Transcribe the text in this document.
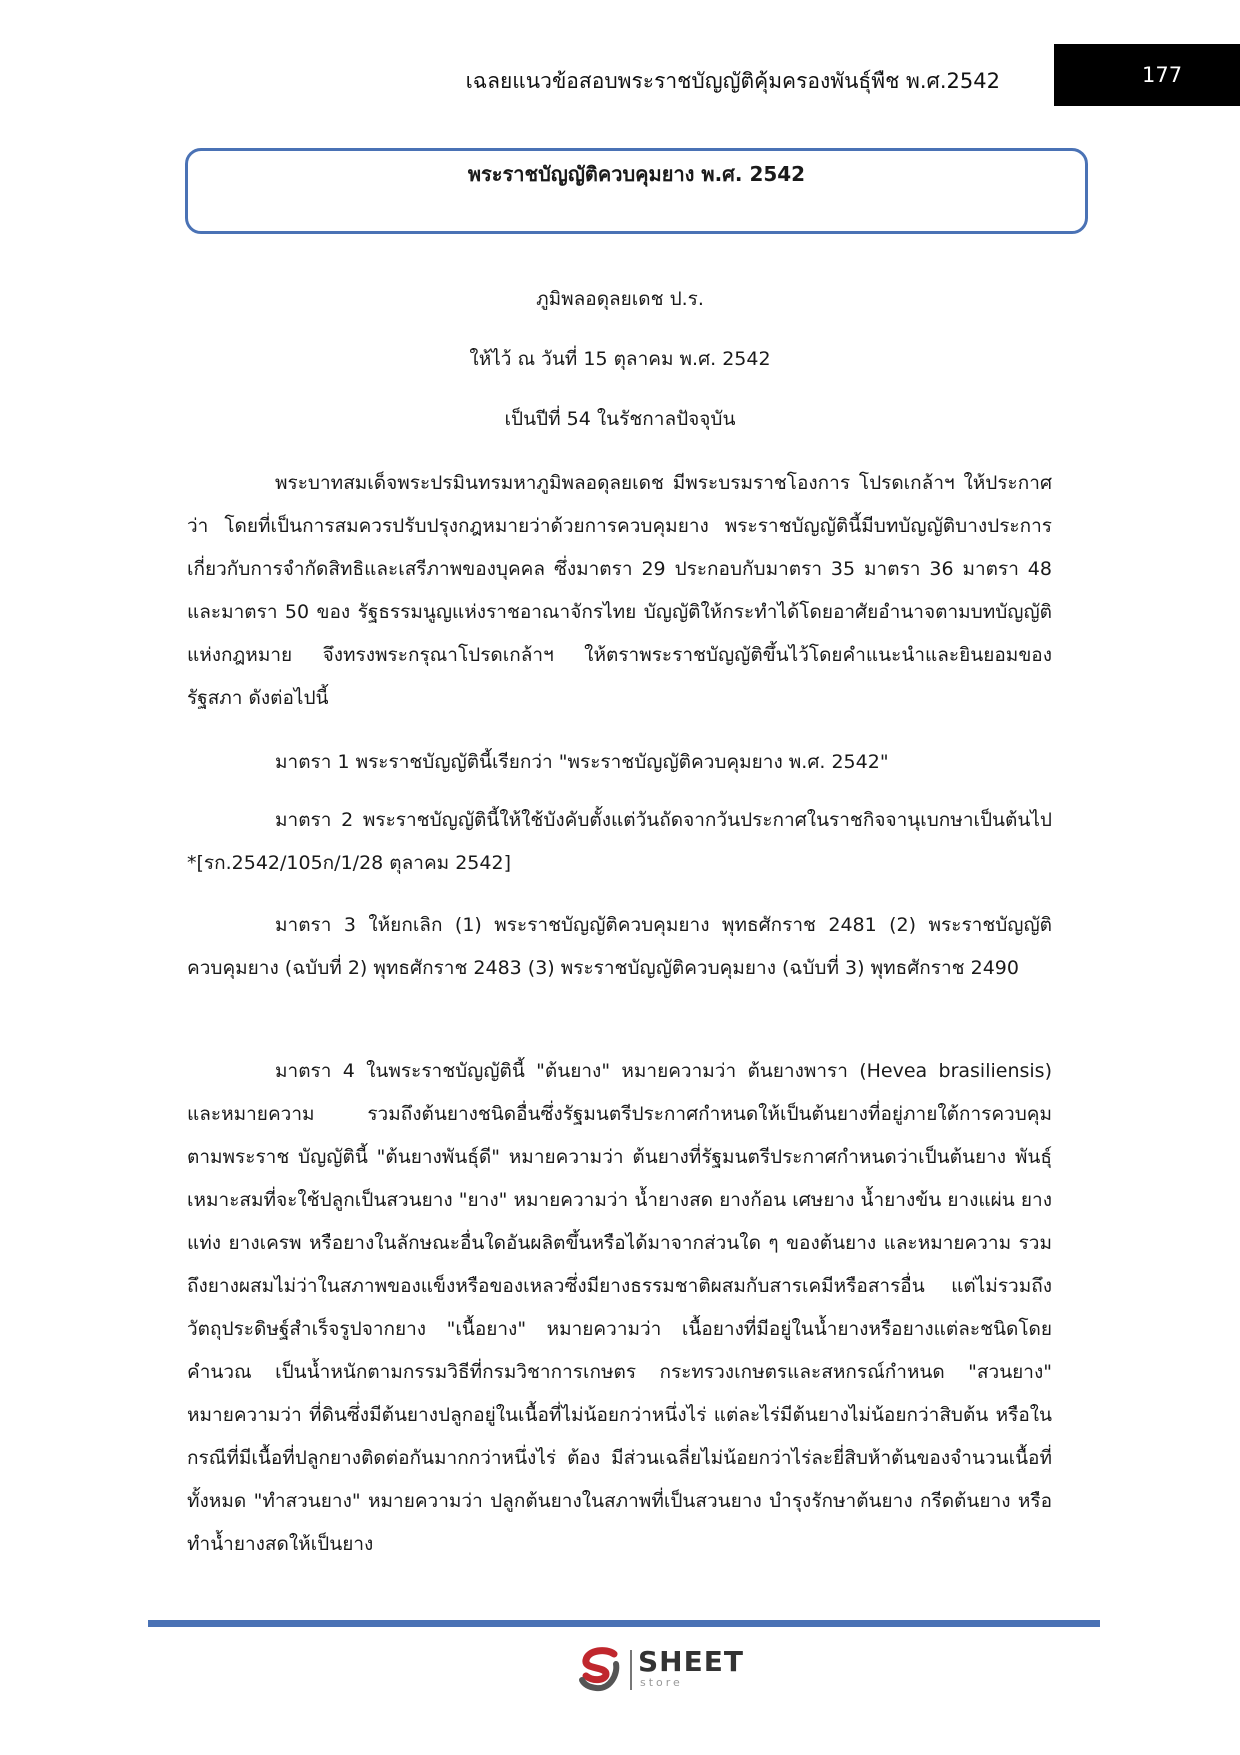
เฉลยแนวข้อสอบพระราชบัญญัติคุ้มครองพันธุ์พืช พ.ศ.2542	177
พระราชบัญญัติควบคุมยาง พ.ศ. 2542
ภูมิพลอดุลยเดช ป.ร.
ให้ไว้ ณ วันที่ 15 ตุลาคม พ.ศ. 2542
เป็นปีที่ 54 ในรัชกาลปัจจุบัน

พระบาทสมเด็จพระปรมินทรมหาภูมิพลอดุลยเดช มีพระบรมราชโองการ โปรดเกล้าฯ ให้ประกาศว่า โดยที่เป็นการสมควรปรับปรุงกฎหมายว่าด้วยการควบคุมยาง พระราชบัญญัตินี้มีบทบัญญัติบางประการเกี่ยวกับการจำกัดสิทธิและเสรีภาพของบุคคล ซึ่งมาตรา 29 ประกอบกับมาตรา 35 มาตรา 36 มาตรา 48 และมาตรา 50 ของ รัฐธรรมนูญแห่งราชอาณาจักรไทย บัญญัติให้กระทำได้โดยอาศัยอำนาจตามบทบัญญัติ แห่งกฎหมาย จึงทรงพระกรุณาโปรดเกล้าฯ ให้ตราพระราชบัญญัติขึ้นไว้โดยคำแนะนำและยินยอมของรัฐสภา ดังต่อไปนี้

มาตรา 1 พระราชบัญญัตินี้เรียกว่า "พระราชบัญญัติควบคุมยาง พ.ศ. 2542"

มาตรา 2 พระราชบัญญัตินี้ให้ใช้บังคับตั้งแต่วันถัดจากวันประกาศในราชกิจจานุเบกษาเป็นต้นไป *[รก.2542/105ก/1/28 ตุลาคม 2542]

มาตรา 3 ให้ยกเลิก (1) พระราชบัญญัติควบคุมยาง พุทธศักราช 2481 (2) พระราชบัญญัติควบคุมยาง (ฉบับที่ 2) พุทธศักราช 2483 (3) พระราชบัญญัติควบคุมยาง (ฉบับที่ 3) พุทธศักราช 2490

มาตรา 4 ในพระราชบัญญัตินี้ "ต้นยาง" หมายความว่า ต้นยางพารา (Hevea brasiliensis) และหมายความ รวมถึงต้นยางชนิดอื่นซึ่งรัฐมนตรีประกาศกำหนดให้เป็นต้นยางที่อยู่ภายใต้การควบคุมตามพระราช บัญญัตินี้ "ต้นยางพันธุ์ดี" หมายความว่า ต้นยางที่รัฐมนตรีประกาศกำหนดว่าเป็นต้นยาง พันธุ์เหมาะสมที่จะใช้ปลูกเป็นสวนยาง "ยาง" หมายความว่า น้ำยางสด ยางก้อน เศษยาง น้ำยางข้น ยางแผ่น ยางแท่ง ยางเครพ หรือยางในลักษณะอื่นใดอันผลิตขึ้นหรือได้มาจากส่วนใด ๆ ของต้นยาง และหมายความ รวมถึงยางผสมไม่ว่าในสภาพของแข็งหรือของเหลวซึ่งมียางธรรมชาติผสมกับสารเคมีหรือสารอื่น แต่ไม่รวมถึงวัตถุประดิษฐ์สำเร็จรูปจากยาง "เนื้อยาง" หมายความว่า เนื้อยางที่มีอยู่ในน้ำยางหรือยางแต่ละชนิดโดยคำนวณ เป็นน้ำหนักตามกรรมวิธีที่กรมวิชาการเกษตร กระทรวงเกษตรและสหกรณ์กำหนด "สวนยาง" หมายความว่า ที่ดินซึ่งมีต้นยางปลูกอยู่ในเนื้อที่ไม่น้อยกว่าหนึ่งไร่ แต่ละไร่มีต้นยางไม่น้อยกว่าสิบต้น หรือในกรณีที่มีเนื้อที่ปลูกยางติดต่อกันมากกว่าหนึ่งไร่ ต้อง มีส่วนเฉลี่ยไม่น้อยกว่าไร่ละยี่สิบห้าต้นของจำนวนเนื้อที่ทั้งหมด "ทำสวนยาง" หมายความว่า ปลูกต้นยางในสภาพที่เป็นสวนยาง บำรุงรักษาต้นยาง กรีดต้นยาง หรือทำน้ำยางสดให้เป็นยาง

SHEET
store
